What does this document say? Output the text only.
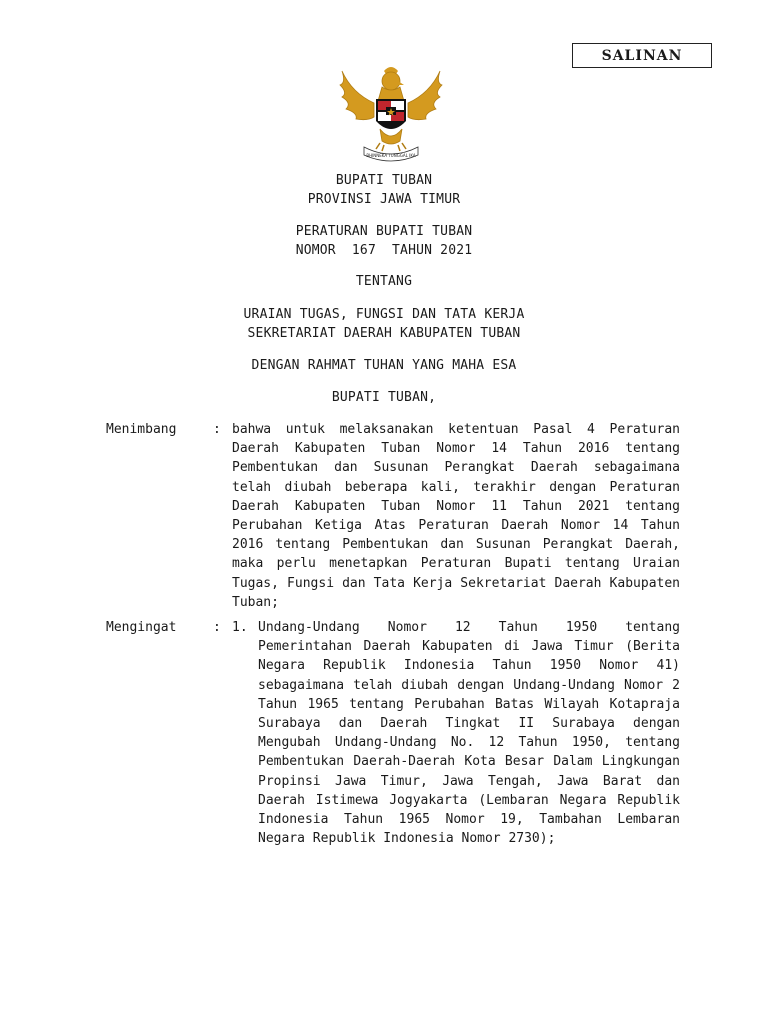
SALINAN
BHINNEKA TUNGGAL IKA
BUPATI TUBAN
PROVINSI JAWA TIMUR
PERATURAN BUPATI TUBAN
NOMOR  167  TAHUN 2021
TENTANG
URAIAN TUGAS, FUNGSI DAN TATA KERJA
SEKRETARIAT DAERAH KABUPATEN TUBAN
DENGAN RAHMAT TUHAN YANG MAHA ESA
BUPATI TUBAN,
Menimbang	: bahwa untuk melaksanakan ketentuan Pasal 4 Peraturan Daerah Kabupaten Tuban Nomor 14 Tahun 2016 tentang Pembentukan dan Susunan Perangkat Daerah sebagaimana telah diubah beberapa kali, terakhir dengan Peraturan Daerah Kabupaten Tuban Nomor 11 Tahun 2021 tentang Perubahan Ketiga Atas Peraturan Daerah Nomor 14 Tahun 2016 tentang Pembentukan dan Susunan Perangkat Daerah, maka perlu menetapkan Peraturan Bupati tentang Uraian Tugas, Fungsi dan Tata Kerja Sekretariat Daerah Kabupaten Tuban;
Mengingat	: 1. Undang-Undang Nomor 12 Tahun 1950 tentang Pemerintahan Daerah Kabupaten di Jawa Timur (Berita Negara Republik Indonesia Tahun 1950 Nomor 41) sebagaimana telah diubah dengan Undang-Undang Nomor 2 Tahun 1965 tentang Perubahan Batas Wilayah Kotapraja Surabaya dan Daerah Tingkat II Surabaya dengan Mengubah Undang-Undang No. 12 Tahun 1950, tentang Pembentukan Daerah-Daerah Kota Besar Dalam Lingkungan Propinsi Jawa Timur, Jawa Tengah, Jawa Barat dan Daerah Istimewa Jogyakarta (Lembaran Negara Republik Indonesia Tahun 1965 Nomor 19, Tambahan Lembaran Negara Republik Indonesia Nomor 2730);
